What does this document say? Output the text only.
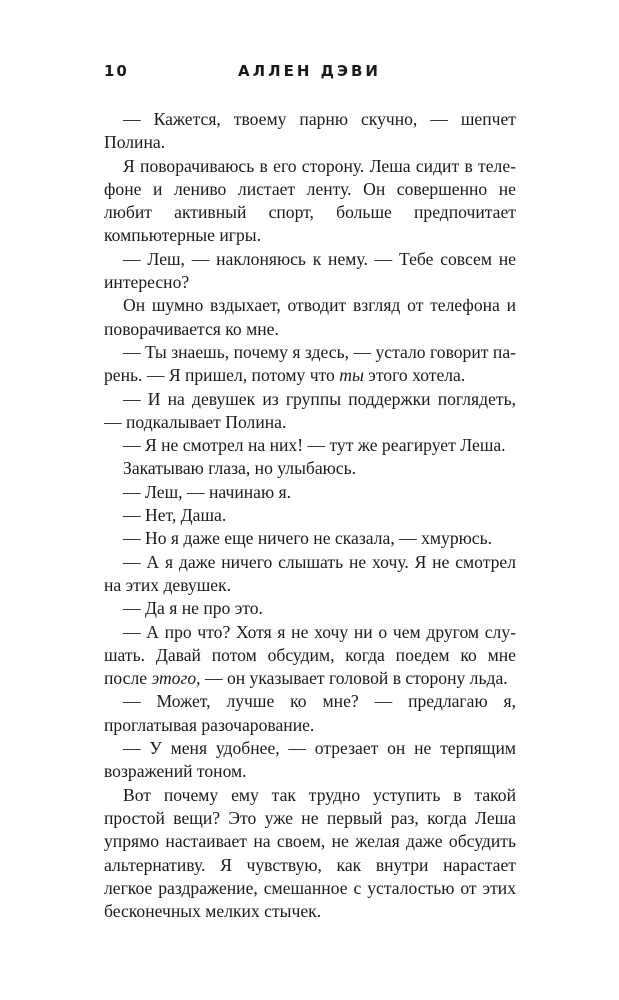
10	АЛЛЕН ДЭВИ

— Кажется, твоему парню скучно, — шепчет Полина.

Я поворачиваюсь в его сторону. Леша сидит в телефоне и лениво листает ленту. Он совершенно не любит активный спорт, больше предпочитает компьютерные игры.

— Леш, — наклоняюсь к нему. — Тебе совсем не интересно?

Он шумно вздыхает, отводит взгляд от телефона и поворачивается ко мне.

— Ты знаешь, почему я здесь, — устало говорит парень. — Я пришел, потому что ты этого хотела.

— И на девушек из группы поддержки поглядеть, — подкалывает Полина.

— Я не смотрел на них! — тут же реагирует Леша.

Закатываю глаза, но улыбаюсь.

— Леш, — начинаю я.

— Нет, Даша.

— Но я даже еще ничего не сказала, — хмурюсь.

— А я даже ничего слышать не хочу. Я не смотрел на этих девушек.

— Да я не про это.

— А про что? Хотя я не хочу ни о чем другом слушать. Давай потом обсудим, когда поедем ко мне после этого, — он указывает головой в сторону льда.

— Может, лучше ко мне? — предлагаю я, проглатывая разочарование.

— У меня удобнее, — отрезает он не терпящим возражений тоном.

Вот почему ему так трудно уступить в такой простой вещи? Это уже не первый раз, когда Леша упрямо настаивает на своем, не желая даже обсудить альтернативу. Я чувствую, как внутри нарастает легкое раздражение, смешанное с усталостью от этих бесконечных мелких стычек.
